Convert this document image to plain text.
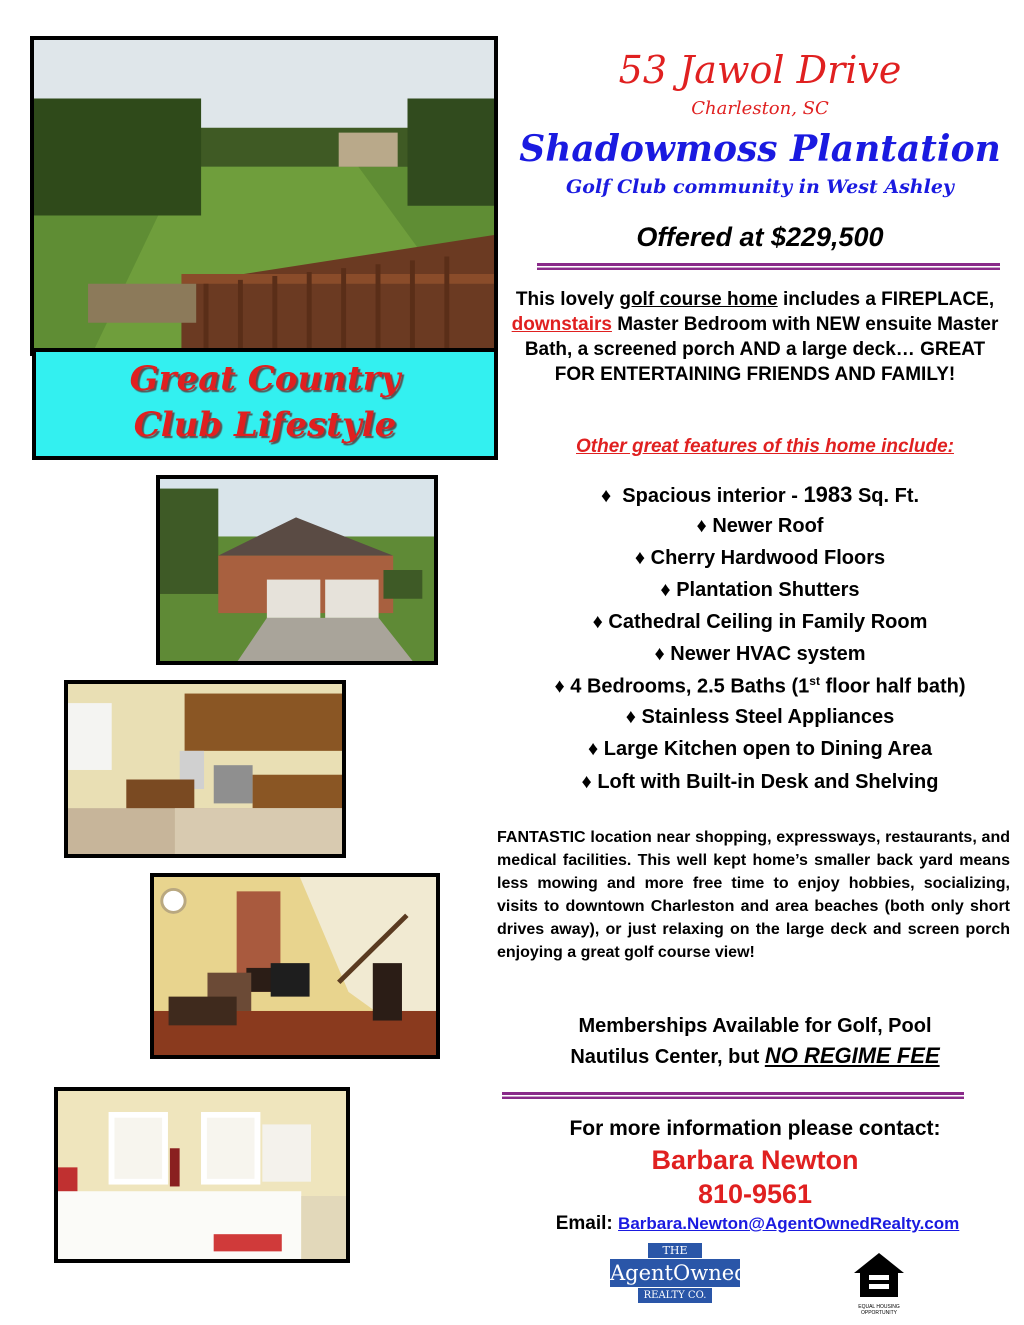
Great Country
Club Lifestyle
53 Jawol Drive
Charleston, SC
Shadowmoss Plantation
Golf Club community in West Ashley
Offered at $229,500
This lovely golf course home includes a FIREPLACE, downstairs Master Bedroom with NEW ensuite Master Bath, a screened porch AND a large deck… GREAT FOR ENTERTAINING FRIENDS AND FAMILY!
Other great features of this home include:
♦ Spacious interior - 1983 Sq. Ft.
♦ Newer Roof
♦ Cherry Hardwood Floors
♦ Plantation Shutters
♦ Cathedral Ceiling in Family Room
♦ Newer HVAC system
♦ 4 Bedrooms, 2.5 Baths (1st floor half bath)
♦ Stainless Steel Appliances
♦ Large Kitchen open to Dining Area
♦ Loft with Built-in Desk and Shelving
FANTASTIC location near shopping, expressways, restaurants, and medical facilities. This well kept home’s smaller back yard means less mowing and more free time to enjoy hobbies, socializing, visits to downtown Charleston and area beaches (both only short drives away), or just relaxing on the large deck and screen porch enjoying a great golf course view!
Memberships Available for Golf, Pool
Nautilus Center, but NO REGIME FEE
For more information please contact:
Barbara Newton
810-9561
Email: Barbara.Newton@AgentOwnedRealty.com
THE
AgentOwned
REALTY CO.
EQUAL HOUSING OPPORTUNITY
